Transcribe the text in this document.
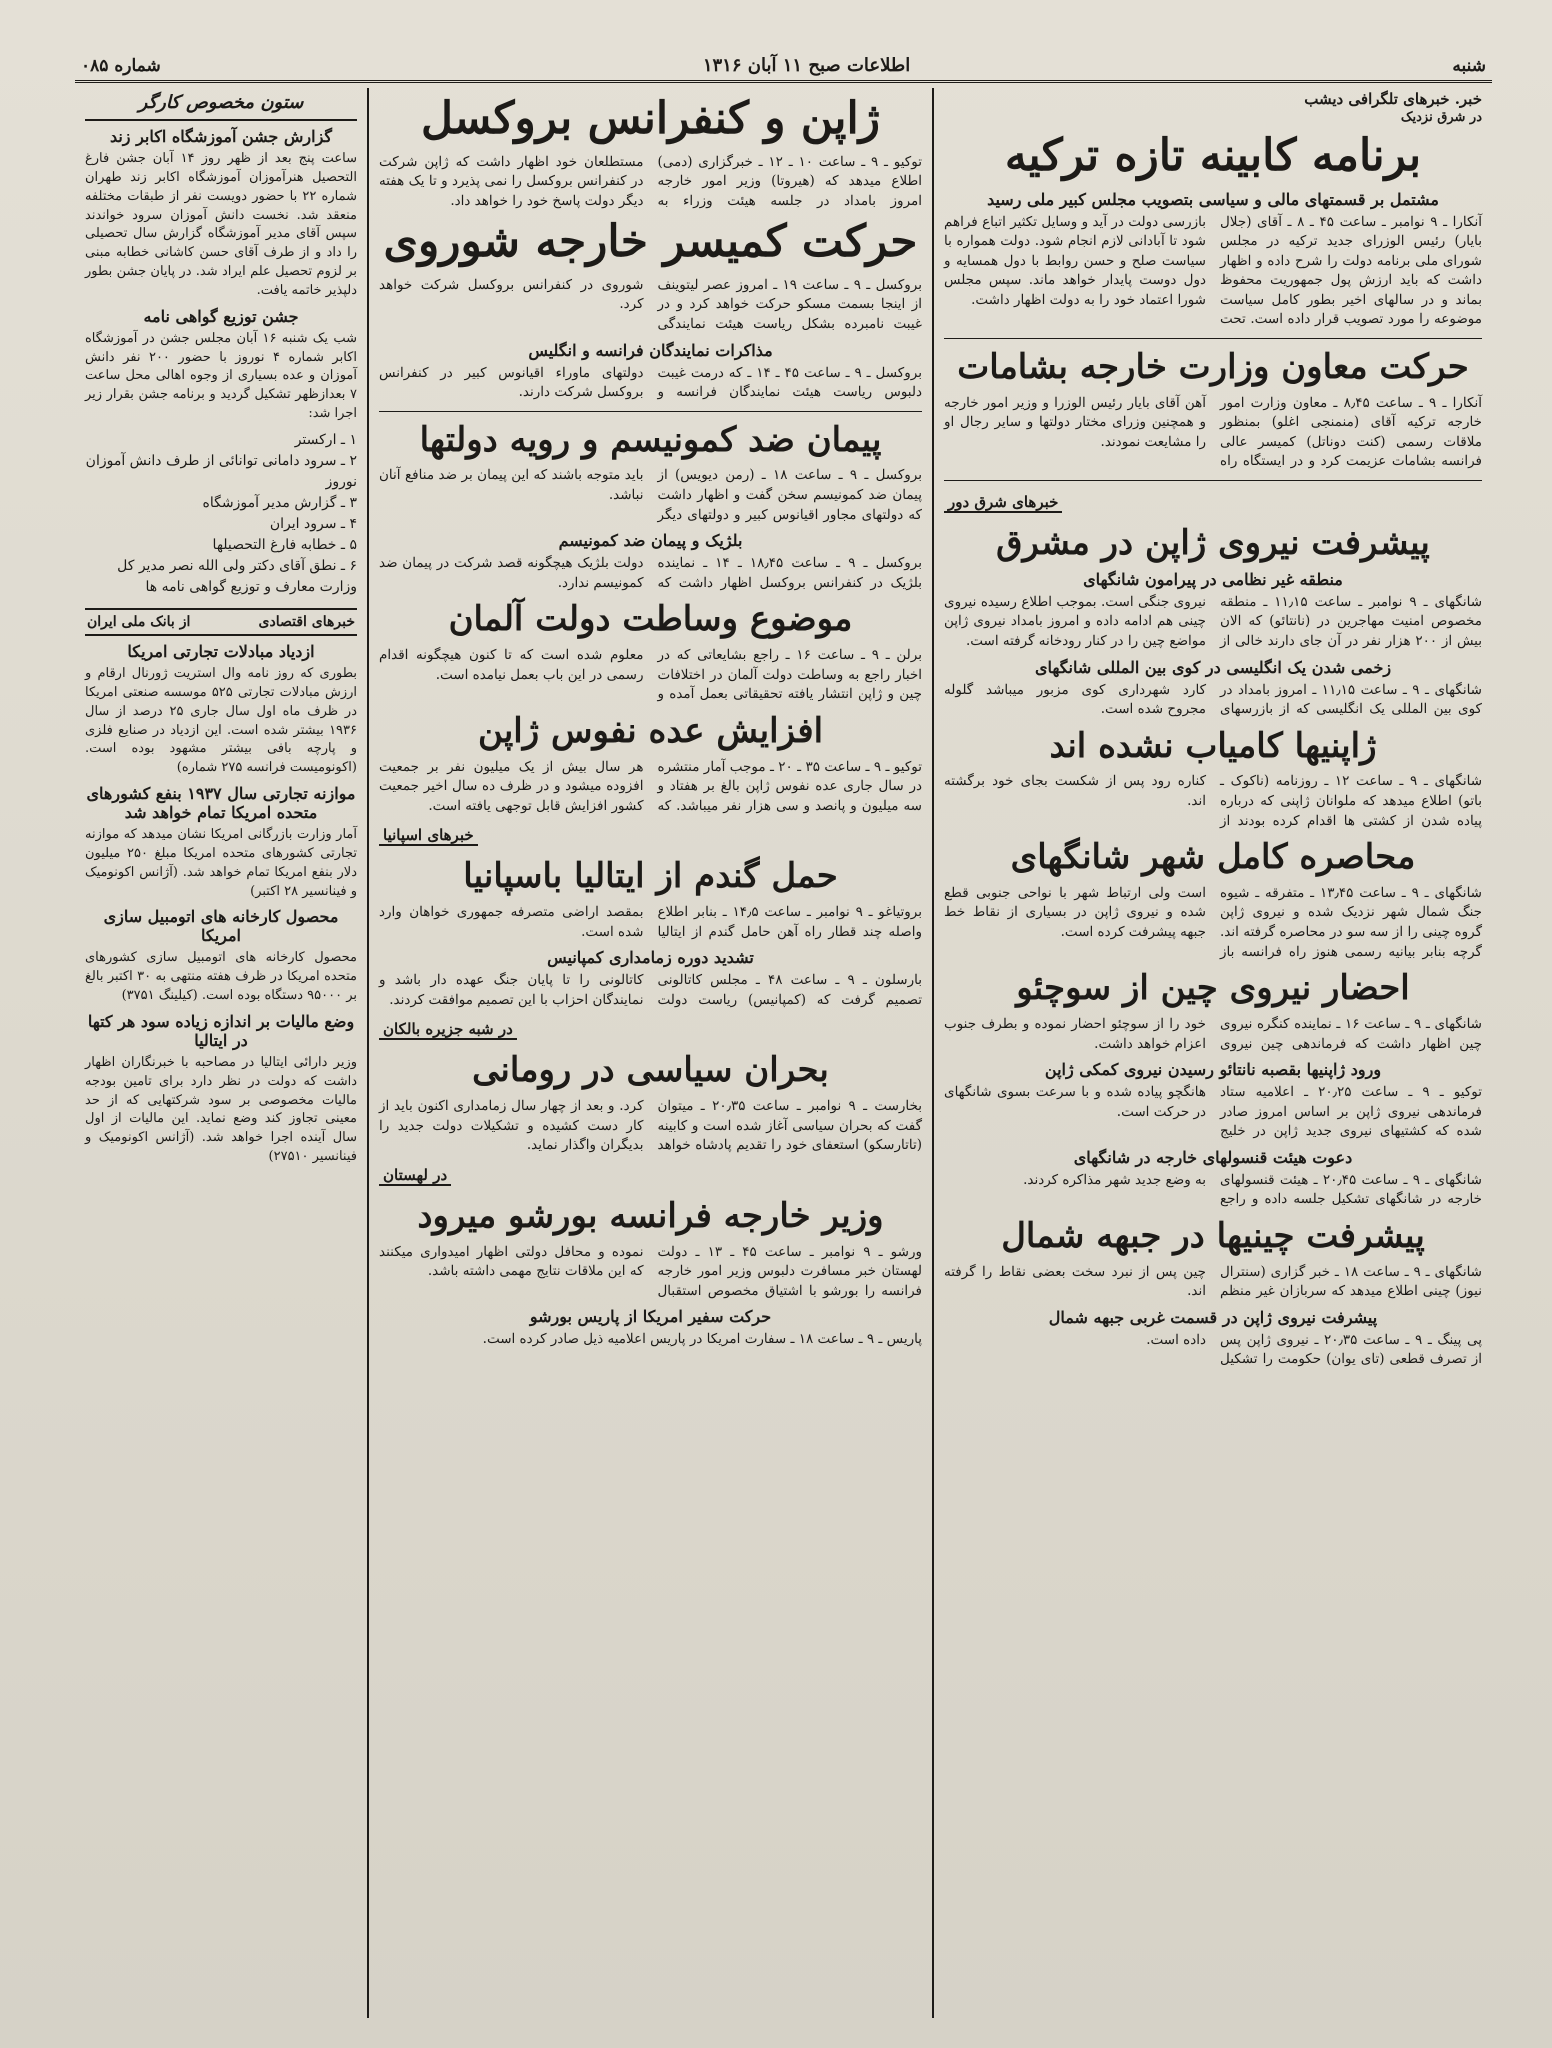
شماره ۰۸۵	اطلاعات صبح ۱۱ آبان ۱۳۱۶	شنبه
خبر. خبرهای تلگرافی دیشب
در شرق نزدیک
برنامه کابینه تازه ترکیه
مشتمل بر قسمتهای مالی و سیاسی بتصویب مجلس کبیر ملی رسید
آنکارا ـ ۹ نوامبر ـ ساعت ۴۵ ـ ۸ ـ آقای (جلال بایار) رئیس الوزرای جدید ترکیه در مجلس شورای ملی برنامه دولت را شرح داده و اظهار داشت که باید ارزش پول جمهوریت محفوظ بماند و در سالهای اخیر بطور کامل سیاست موضوعه را مورد تصویب قرار داده است. تحت بازرسی دولت در آید و وسایل تکثیر اتباع فراهم شود تا آبادانی لازم انجام شود. دولت همواره با سیاست صلح و حسن روابط با دول همسایه و دول دوست پایدار خواهد ماند. سپس مجلس شورا اعتماد خود را به دولت اظهار داشت.
حرکت معاون وزارت خارجه بشامات
آنکارا ـ ۹ ـ ساعت ۸٫۴۵ ـ معاون وزارت امور خارجه ترکیه آقای (منمنجی اغلو) بمنظور ملاقات رسمی (کنت دوناتل) کمیسر عالی فرانسه بشامات عزیمت کرد و در ایستگاه راه آهن آقای بایار رئیس الوزرا و وزیر امور خارجه و همچنین وزرای مختار دولتها و سایر رجال او را مشایعت نمودند.
خبرهای شرق دور
پیشرفت نیروی ژاپن در مشرق
منطقه غیر نظامی در پیرامون شانگهای
شانگهای ـ ۹ نوامبر ـ ساعت ۱۱٫۱۵ ـ منطقه مخصوص امنیت مهاجرین در (نانتائو) که الان بیش از ۲۰۰ هزار نفر در آن جای دارند خالی از نیروی جنگی است. بموجب اطلاع رسیده نیروی چینی هم ادامه داده و امروز بامداد نیروی ژاپن مواضع چین را در کنار رودخانه گرفته است.
زخمی شدن یک انگلیسی در کوی بین المللی شانگهای
شانگهای ـ ۹ ـ ساعت ۱۱٫۱۵ ـ امروز بامداد در کوی بین المللی یک انگلیسی که از بازرسهای کارد شهرداری کوی مزبور میباشد گلوله مجروح شده است.
ژاپنیها کامیاب نشده اند
شانگهای ـ ۹ ـ ساعت ۱۲ ـ روزنامه (ناکوک ـ باتو) اطلاع میدهد که ملوانان ژاپنی که درباره پیاده شدن از کشتی ها اقدام کرده بودند از کناره رود پس از شکست بجای خود برگشته اند.
محاصره کامل شهر شانگهای
شانگهای ـ ۹ ـ ساعت ۱۳٫۴۵ ـ متفرقه ـ شیوه جنگ شمال شهر نزدیک شده و نیروی ژاپن گروه چینی را از سه سو در محاصره گرفته اند. گرچه بنابر بیانیه رسمی هنوز راه فرانسه باز است ولی ارتباط شهر با نواحی جنوبی قطع شده و نیروی ژاپن در بسیاری از نقاط خط جبهه پیشرفت کرده است.
احضار نیروی چین از سوچئو
شانگهای ـ ۹ ـ ساعت ۱۶ ـ نماینده کنگره نیروی چین اظهار داشت که فرماندهی چین نیروی خود را از سوچئو احضار نموده و بطرف جنوب اعزام خواهد داشت.
ورود ژاپنیها بقصبه نانتائو رسیدن نیروی کمکی ژاپن
توکیو ـ ۹ ـ ساعت ۲۰٫۲۵ ـ اعلامیه ستاد فرماندهی نیروی ژاپن بر اساس امروز صادر شده که کشتیهای نیروی جدید ژاپن در خلیج هانگچو پیاده شده و با سرعت بسوی شانگهای در حرکت است.
دعوت هیئت قنسولهای خارجه در شانگهای
شانگهای ـ ۹ ـ ساعت ۲۰٫۴۵ ـ هیئت قنسولهای خارجه در شانگهای تشکیل جلسه داده و راجع به وضع جدید شهر مذاکره کردند.
پیشرفت چینیها در جبهه شمال
شانگهای ـ ۹ ـ ساعت ۱۸ ـ خبر گزاری (سنترال نیوز) چینی اطلاع میدهد که سربازان غیر منظم چین پس از نبرد سخت بعضی نقاط را گرفته اند.
پیشرفت نیروی ژاپن در قسمت غربی جبهه شمال
پی پینگ ـ ۹ ـ ساعت ۲۰٫۳۵ ـ نیروی ژاپن پس از تصرف قطعی (تای یوان) حکومت را تشکیل داده است.
ژاپن و کنفرانس بروکسل
توکیو ـ ۹ ـ ساعت ۱۰ ـ ۱۲ ـ خبرگزاری (دمی) اطلاع میدهد که (هیروتا) وزیر امور خارجه امروز بامداد در جلسه هیئت وزراء به مستطلعان خود اظهار داشت که ژاپن شرکت در کنفرانس بروکسل را نمی پذیرد و تا یک هفته دیگر دولت پاسخ خود را خواهد داد.
حرکت کمیسر خارجه شوروی
بروکسل ـ ۹ ـ ساعت ۱۹ ـ امروز عصر لیتوینف از اینجا بسمت مسکو حرکت خواهد کرد و در غیبت نامبرده بشکل ریاست هیئت نمایندگی شوروی در کنفرانس بروکسل شرکت خواهد کرد.
مذاکرات نمایندگان فرانسه و انگلیس
بروکسل ـ ۹ ـ ساعت ۴۵ ـ ۱۴ ـ که درمت غیبت دلبوس ریاست هیئت نمایندگان فرانسه و دولتهای ماوراء اقیانوس کبیر در کنفرانس بروکسل شرکت دارند.
پیمان ضد کمونیسم و رویه دولتها
بروکسل ـ ۹ ـ ساعت ۱۸ ـ (رمن دیویس) از پیمان ضد کمونیسم سخن گفت و اظهار داشت که دولتهای مجاور اقیانوس کبیر و دولتهای دیگر باید متوجه باشند که این پیمان بر ضد منافع آنان نباشد.
بلژیک و پیمان ضد کمونیسم
بروکسل ـ ۹ ـ ساعت ۱۸٫۴۵ ـ ۱۴ ـ نماینده بلژیک در کنفرانس بروکسل اظهار داشت که دولت بلژیک هیچگونه قصد شرکت در پیمان ضد کمونیسم ندارد.
موضوع وساطت دولت آلمان
برلن ـ ۹ ـ ساعت ۱۶ ـ راجع بشایعاتی که در اخبار راجع به وساطت دولت آلمان در اختلافات چین و ژاپن انتشار یافته تحقیقاتی بعمل آمده و معلوم شده است که تا کنون هیچگونه اقدام رسمی در این باب بعمل نیامده است.
افزایش عده نفوس ژاپن
توکیو ـ ۹ ـ ساعت ۳۵ ـ ۲۰ ـ موجب آمار منتشره در سال جاری عده نفوس ژاپن بالغ بر هفتاد و سه میلیون و پانصد و سی هزار نفر میباشد. که هر سال بیش از یک میلیون نفر بر جمعیت افزوده میشود و در ظرف ده سال اخیر جمعیت کشور افزایش قابل توجهی یافته است.
خبرهای اسپانیا
حمل گندم از ایتالیا باسپانیا
بروتیاغو ـ ۹ نوامبر ـ ساعت ۱۴٫۵ ـ بنابر اطلاع واصله چند قطار راه آهن حامل گندم از ایتالیا بمقصد اراضی متصرفه جمهوری خواهان وارد شده است.
تشدید دوره زمامداری کمپانیس
بارسلون ـ ۹ ـ ساعت ۴۸ ـ مجلس کاتالونی تصمیم گرفت که (کمپانیس) ریاست دولت کاتالونی را تا پایان جنگ عهده دار باشد و نمایندگان احزاب با این تصمیم موافقت کردند.
در شبه جزیره بالکان
بحران سیاسی در رومانی
بخارست ـ ۹ نوامبر ـ ساعت ۲۰٫۳۵ ـ میتوان گفت که بحران سیاسی آغاز شده است و کابینه (تاتارسکو) استعفای خود را تقدیم پادشاه خواهد کرد. و بعد از چهار سال زمامداری اکنون باید از کار دست کشیده و تشکیلات دولت جدید را بدیگران واگذار نماید.
در لهستان
وزیر خارجه فرانسه بورشو میرود
ورشو ـ ۹ نوامبر ـ ساعت ۴۵ ـ ۱۳ ـ دولت لهستان خبر مسافرت دلبوس وزیر امور خارجه فرانسه را بورشو با اشتیاق مخصوص استقبال نموده و محافل دولتی اظهار امیدواری میکنند که این ملاقات نتایج مهمی داشته باشد.
حرکت سفیر امریکا از پاریس بورشو
پاریس ـ ۹ ـ ساعت ۱۸ ـ سفارت امریکا در پاریس اعلامیه ذیل صادر کرده است.
ستون مخصوص کارگر
گزارش جشن آموزشگاه اکابر زند
ساعت پنج بعد از ظهر روز ۱۴ آبان جشن فارغ التحصیل هنرآموزان آموزشگاه اکابر زند طهران شماره ۲۲ با حضور دویست نفر از طبقات مختلفه منعقد شد. نخست دانش آموزان سرود خواندند سپس آقای مدیر آموزشگاه گزارش سال تحصیلی را داد و از طرف آقای حسن کاشانی خطابه مبنی بر لزوم تحصیل علم ایراد شد. در پایان جشن بطور دلپذیر خاتمه یافت.
جشن توزیع گواهی نامه
شب یک شنبه ۱۶ آبان مجلس جشن در آموزشگاه اکابر شماره ۴ نوروز با حضور ۲۰۰ نفر دانش آموزان و عده بسیاری از وجوه اهالی محل ساعت ۷ بعدازظهر تشکیل گردید و برنامه جشن بقرار زیر اجرا شد:
۱ ـ ارکستر
۲ ـ سرود دامانی توانائی از طرف دانش آموزان نوروز
۳ ـ گزارش مدیر آموزشگاه
۴ ـ سرود ایران
۵ ـ خطابه فارغ التحصیلها
۶ ـ نطق آقای دکتر ولی الله نصر مدیر کل وزارت معارف و توزیع گواهی نامه ها
خبرهای اقتصادی
از بانک ملی ایران
ازدیاد مبادلات تجارتی امریکا
بطوری که روز نامه وال استریت ژورنال ارقام و ارزش مبادلات تجارتی ۵۲۵ موسسه صنعتی امریکا در ظرف ماه اول سال جاری ۲۵ درصد از سال ۱۹۳۶ بیشتر شده است. این ازدیاد در صنایع فلزی و پارچه بافی بیشتر مشهود بوده است. (اکونومیست فرانسه ۲۷۵ شماره)
موازنه تجارتی سال ۱۹۳۷ بنفع کشورهای متحده امریکا تمام خواهد شد
آمار وزارت بازرگانی امریکا نشان میدهد که موازنه تجارتی کشورهای متحده امریکا مبلغ ۲۵۰ میلیون دلار بنفع امریکا تمام خواهد شد. (آژانس اکونومیک و فینانسیر ۲۸ اکتبر)
محصول کارخانه های اتومبیل سازی امریکا
محصول کارخانه های اتومبیل سازی کشورهای متحده امریکا در ظرف هفته منتهی به ۳۰ اکتبر بالغ بر ۹۵۰۰۰ دستگاه بوده است. (کیلینگ ۳۷۵۱)
وضع مالیات بر اندازه زیاده سود هر کتها در ایتالیا
وزیر دارائی ایتالیا در مصاحبه با خبرنگاران اظهار داشت که دولت در نظر دارد برای تامین بودجه مالیات مخصوصی بر سود شرکتهایی که از حد معینی تجاوز کند وضع نماید. این مالیات از اول سال آینده اجرا خواهد شد. (آژانس اکونومیک و فینانسیر ۲۷۵۱۰)
